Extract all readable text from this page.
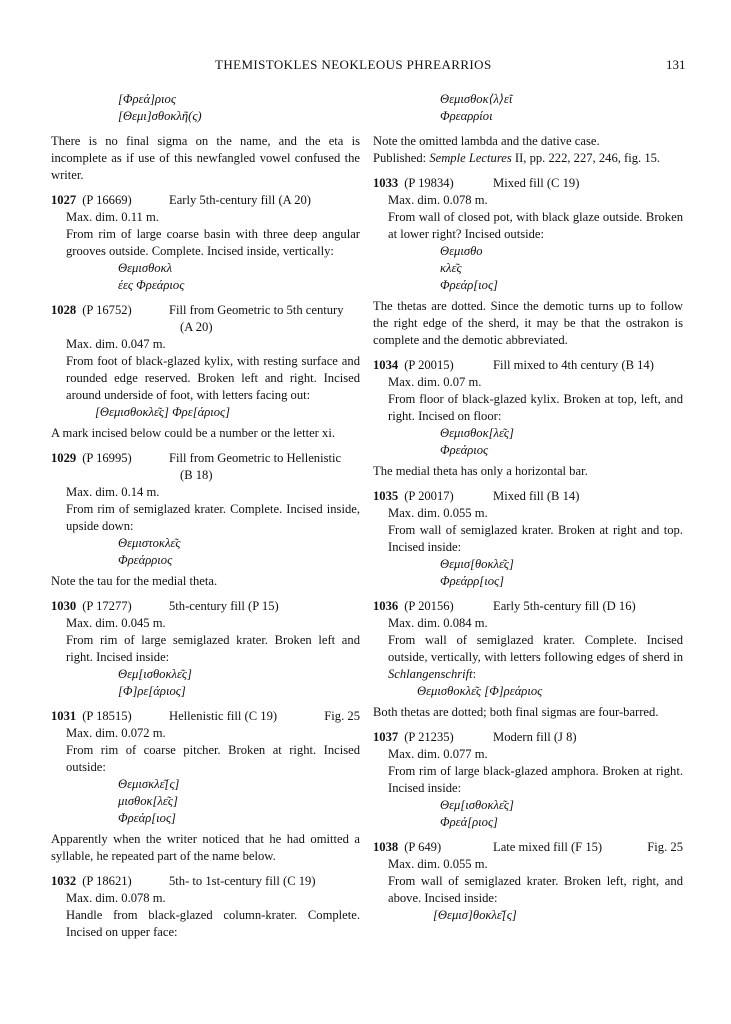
THEMISTOKLES NEOKLEOUS PHREARRIOS	131
[Φρεά]ριος
[Θεμι]σθοκλῆ(ς)

There is no final sigma on the name, and the eta is incomplete as if use of this newfangled vowel confused the writer.

1027 (P 16669)	Early 5th-century fill (A 20)
Max. dim. 0.11 m.
From rim of large coarse basin with three deep angular grooves outside. Complete. Incised inside, vertically:
Θεμισθοκλ
έες Φρεάριος
1028 (P 16752)	Fill from Geometric to 5th century
(A 20)
Max. dim. 0.047 m.
From foot of black-glazed kylix, with resting surface and rounded edge reserved. Broken left and right. Incised around underside of foot, with letters facing out:
[Θεμισθοκλε͂ς] Φρε[άριος]

A mark incised below could be a number or the letter xi.

1029 (P 16995)	Fill from Geometric to Hellenistic
(B 18)
Max. dim. 0.14 m.
From rim of semiglazed krater. Complete. Incised inside, upside down:
Θεμιστοκλε͂ς
Φρεάρριος

Note the tau for the medial theta.

1030 (P 17277)	5th-century fill (P 15)
Max. dim. 0.045 m.
From rim of large semiglazed krater. Broken left and right. Incised inside:
Θεμ[ισθοκλε͂ς]
[Φ]ρε[άριος]
1031 (P 18515)	Hellenistic fill (C 19)	Fig. 25
Max. dim. 0.072 m.
From rim of coarse pitcher. Broken at right. Incised outside:
Θεμισκλε͂[ς]
μισθοκ[λε͂ς]
Φρεάρ[ιος]

Apparently when the writer noticed that he had omitted a syllable, he repeated part of the name below.

1032 (P 18621)	5th- to 1st-century fill (C 19)
Max. dim. 0.078 m.
Handle from black-glazed column-krater. Complete. Incised on upper face:
Θεμισθοκ⟨λ⟩εῖ
Φρεαρρίοι
Note the omitted lambda and the dative case.

Published: Semple Lectures II, pp. 222, 227, 246, fig. 15.

1033 (P 19834)	Mixed fill (C 19)
Max. dim. 0.078 m.
From wall of closed pot, with black glaze outside. Broken at lower right? Incised outside:
Θεμισθο
κλε͂ς
Φρεάρ[ιος]

The thetas are dotted. Since the demotic turns up to follow the right edge of the sherd, it may be that the ostrakon is complete and the demotic abbreviated.

1034 (P 20015)	Fill mixed to 4th century (B 14)
Max. dim. 0.07 m.
From floor of black-glazed kylix. Broken at top, left, and right. Incised on floor:
Θεμισθοκ[λε͂ς]
Φρεάριος

The medial theta has only a horizontal bar.

1035 (P 20017)	Mixed fill (B 14)
Max. dim. 0.055 m.
From wall of semiglazed krater. Broken at right and top. Incised inside:
Θεμισ[θοκλε͂ς]
Φρεάρρ[ιος]
1036 (P 20156)	Early 5th-century fill (D 16)
Max. dim. 0.084 m.
From wall of semiglazed krater. Complete. Incised outside, vertically, with letters following edges of sherd in Schlangenschrift:
Θεμισθοκλε͂ς [Φ]ρεάριος

Both thetas are dotted; both final sigmas are four-barred.

1037 (P 21235)	Modern fill (J 8)
Max. dim. 0.077 m.
From rim of large black-glazed amphora. Broken at right. Incised inside:
Θεμ[ισθοκλε͂ς]
Φρεά[ριος]
1038 (P 649)	Late mixed fill (F 15)	Fig. 25
Max. dim. 0.055 m.
From wall of semiglazed krater. Broken left, right, and above. Incised inside:
[Θεμισ]θοκλε͂[ς]
